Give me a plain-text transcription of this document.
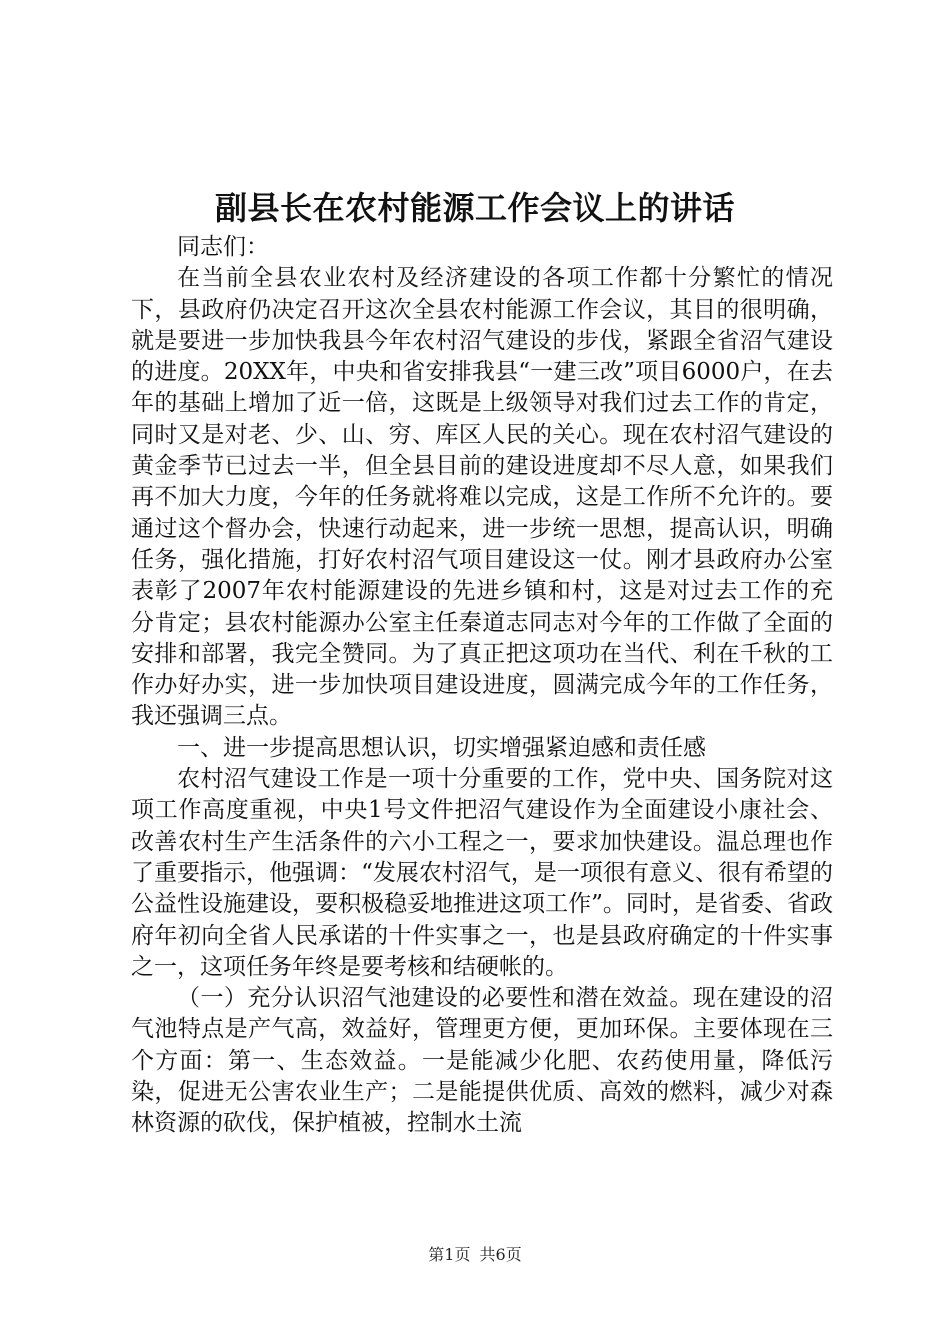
副县长在农村能源工作会议上的讲话

同志们：

在当前全县农业农村及经济建设的各项工作都十分繁忙的情况下，县政府仍决定召开这次全县农村能源工作会议，其目的很明确，就是要进一步加快我县今年农村沼气建设的步伐，紧跟全省沼气建设的进度。20XX年，中央和省安排我县“一建三改”项目6000户，在去年的基础上增加了近一倍，这既是上级领导对我们过去工作的肯定，同时又是对老、少、山、穷、库区人民的关心。现在农村沼气建设的黄金季节已过去一半，但全县目前的建设进度却不尽人意，如果我们再不加大力度，今年的任务就将难以完成，这是工作所不允许的。要通过这个督办会，快速行动起来，进一步统一思想，提高认识，明确任务，强化措施，打好农村沼气项目建设这一仗。刚才县政府办公室表彰了2007年农村能源建设的先进乡镇和村，这是对过去工作的充分肯定；县农村能源办公室主任秦道志同志对今年的工作做了全面的安排和部署，我完全赞同。为了真正把这项功在当代、利在千秋的工作办好办实，进一步加快项目建设进度，圆满完成今年的工作任务，我还强调三点。

一、进一步提高思想认识，切实增强紧迫感和责任感

农村沼气建设工作是一项十分重要的工作，党中央、国务院对这项工作高度重视，中央1号文件把沼气建设作为全面建设小康社会、改善农村生产生活条件的六小工程之一，要求加快建设。温总理也作了重要指示，他强调：“发展农村沼气，是一项很有意义、很有希望的公益性设施建设，要积极稳妥地推进这项工作”。同时，是省委、省政府年初向全省人民承诺的十件实事之一，也是县政府确定的十件实事之一，这项任务年终是要考核和结硬帐的。

（一）充分认识沼气池建设的必要性和潜在效益。现在建设的沼气池特点是产气高，效益好，管理更方便，更加环保。主要体现在三个方面：第一、生态效益。一是能减少化肥、农药使用量，降低污染，促进无公害农业生产；二是能提供优质、高效的燃料，减少对森林资源的砍伐，保护植被，控制水土流

第1页 共6页
